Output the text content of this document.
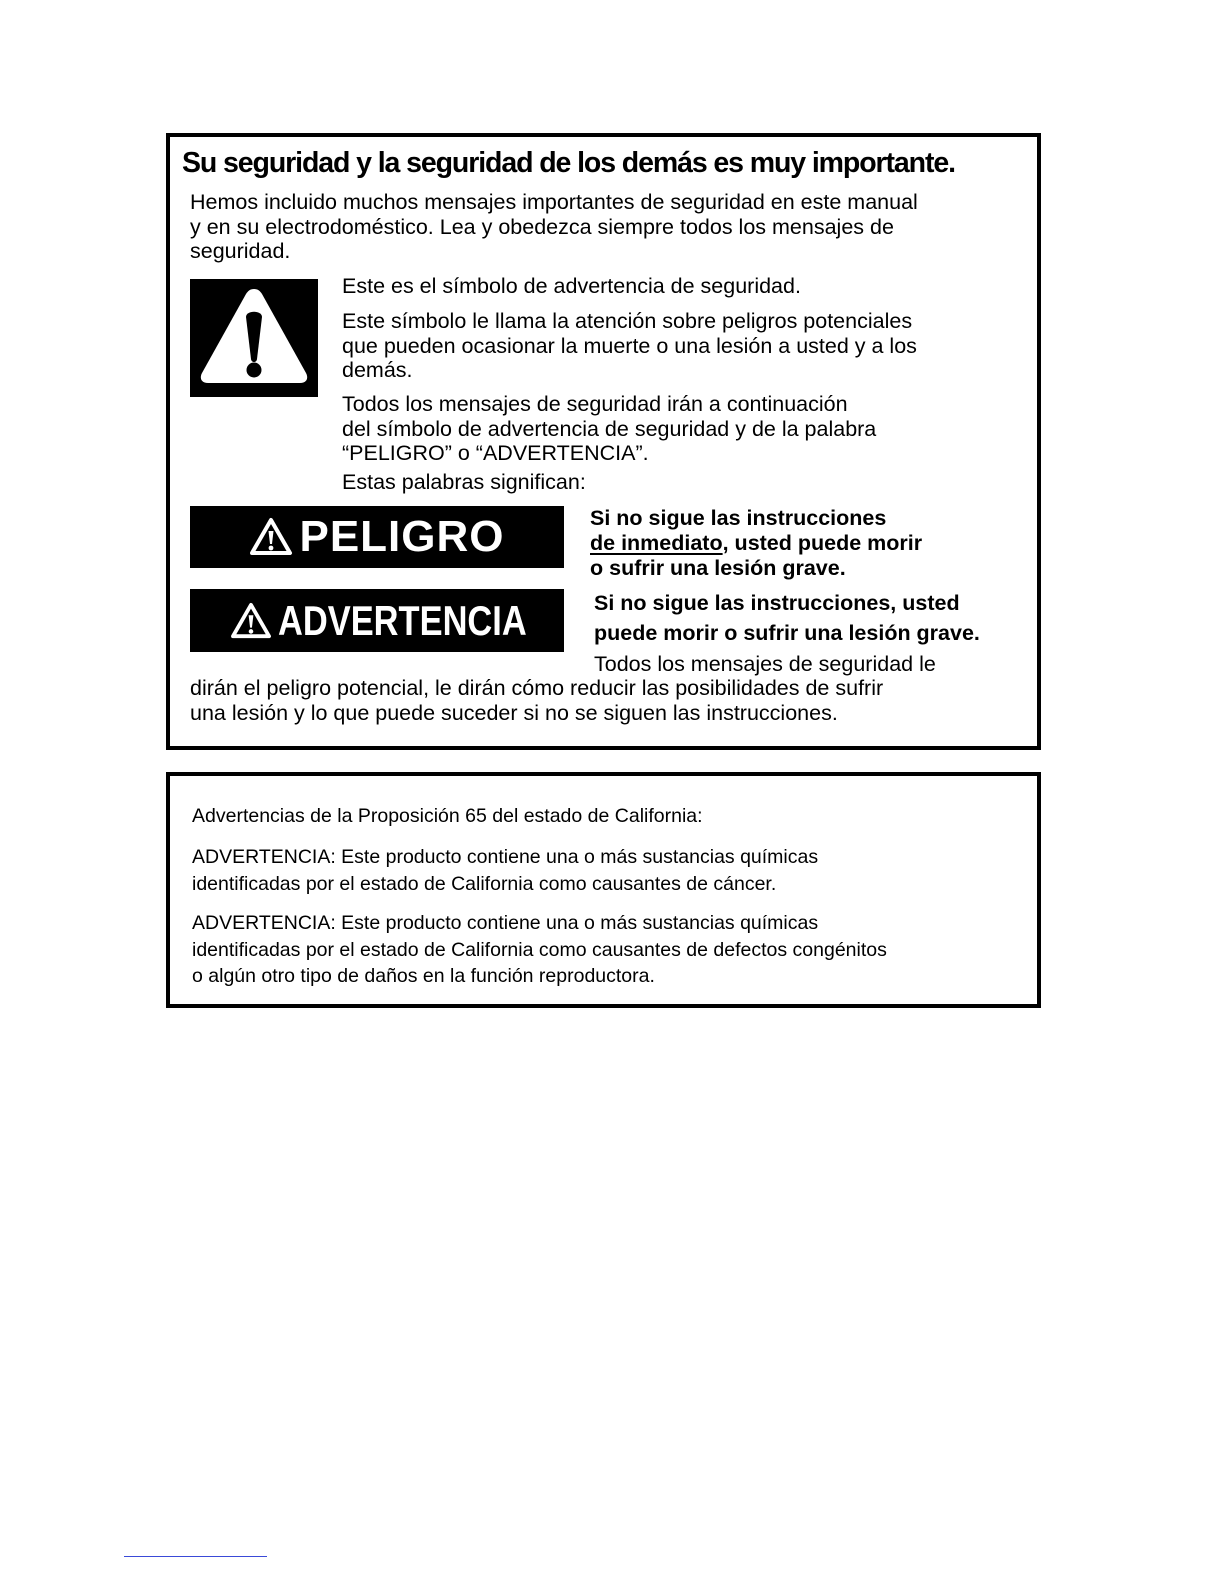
Su seguridad y la seguridad de los demás es muy importante.
Hemos incluido muchos mensajes importantes de seguridad en este manual
y en su electrodoméstico. Lea y obedezca siempre todos los mensajes de
seguridad.
Este es el símbolo de advertencia de seguridad.
Este símbolo le llama la atención sobre peligros potenciales
que pueden ocasionar la muerte o una lesión a usted y a los
demás.
Todos los mensajes de seguridad irán a continuación
del símbolo de advertencia de seguridad y de la palabra
“PELIGRO” o “ADVERTENCIA”.
Estas palabras significan:
PELIGRO	Si no sigue las instrucciones
de inmediato, usted puede morir
o sufrir una lesión grave.
ADVERTENCIA	Si no sigue las instrucciones, usted
puede morir o sufrir una lesión grave.
Todos los mensajes de seguridad le
dirán el peligro potencial, le dirán cómo reducir las posibilidades de sufrir
una lesión y lo que puede suceder si no se siguen las instrucciones.
Advertencias de la Proposición 65 del estado de California:
ADVERTENCIA: Este producto contiene una o más sustancias químicas
identificadas por el estado de California como causantes de cáncer.
ADVERTENCIA: Este producto contiene una o más sustancias químicas
identificadas por el estado de California como causantes de defectos congénitos
o algún otro tipo de daños en la función reproductora.
